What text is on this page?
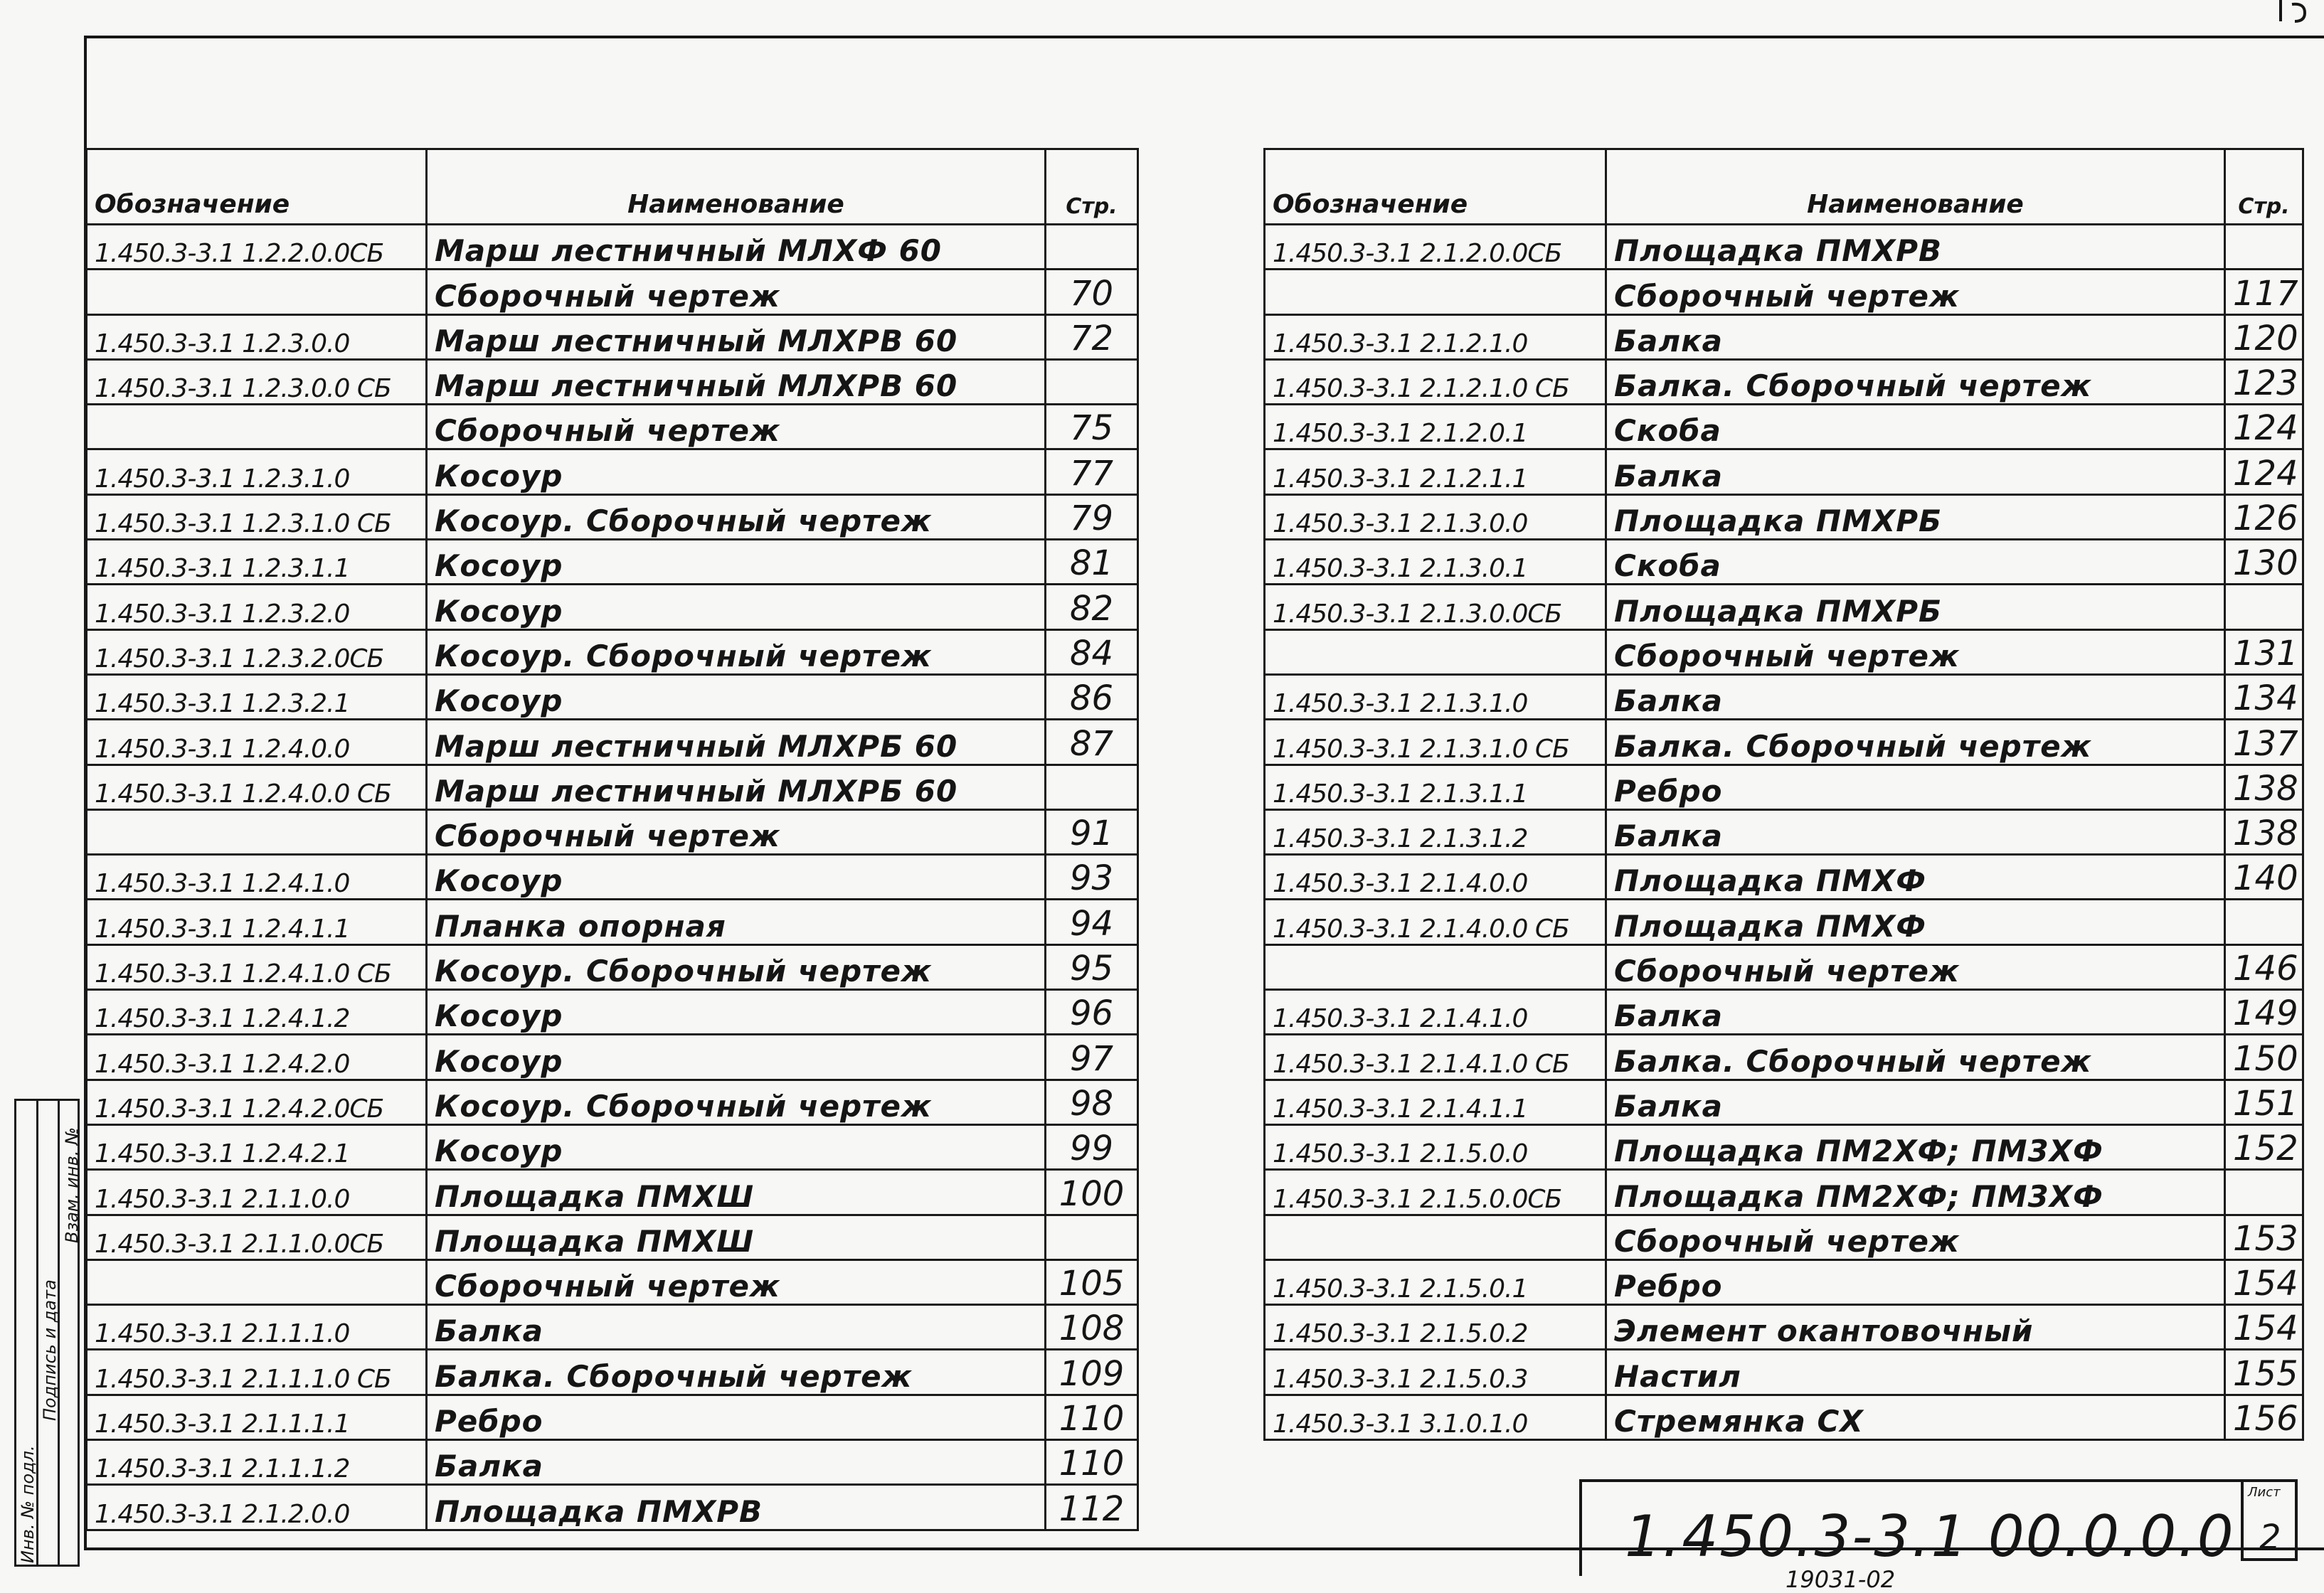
Обозначение	Наименование	Стр.
1.450.3-3.1 1.2.2.0.0СБ	Марш лестничный МЛХФ 60	
	Сборочный чертеж	70
1.450.3-3.1 1.2.3.0.0	Марш лестничный МЛХРВ 60	72
1.450.3-3.1 1.2.3.0.0 СБ	Марш лестничный МЛХРВ 60	
	Сборочный чертеж	75
1.450.3-3.1 1.2.3.1.0	Косоур	77
1.450.3-3.1 1.2.3.1.0 СБ	Косоур. Сборочный чертеж	79
1.450.3-3.1 1.2.3.1.1	Косоур	81
1.450.3-3.1 1.2.3.2.0	Косоур	82
1.450.3-3.1 1.2.3.2.0СБ	Косоур. Сборочный чертеж	84
1.450.3-3.1 1.2.3.2.1	Косоур	86
1.450.3-3.1 1.2.4.0.0	Марш лестничный МЛХРБ 60	87
1.450.3-3.1 1.2.4.0.0 СБ	Марш лестничный МЛХРБ 60	
	Сборочный чертеж	91
1.450.3-3.1 1.2.4.1.0	Косоур	93
1.450.3-3.1 1.2.4.1.1	Планка опорная	94
1.450.3-3.1 1.2.4.1.0 СБ	Косоур. Сборочный чертеж	95
1.450.3-3.1 1.2.4.1.2	Косоур	96
1.450.3-3.1 1.2.4.2.0	Косоур	97
1.450.3-3.1 1.2.4.2.0СБ	Косоур. Сборочный чертеж	98
1.450.3-3.1 1.2.4.2.1	Косоур	99
1.450.3-3.1 2.1.1.0.0	Площадка ПМХШ	100
1.450.3-3.1 2.1.1.0.0СБ	Площадка ПМХШ	
	Сборочный чертеж	105
1.450.3-3.1 2.1.1.1.0	Балка	108
1.450.3-3.1 2.1.1.1.0 СБ	Балка. Сборочный чертеж	109
1.450.3-3.1 2.1.1.1.1	Ребро	110
1.450.3-3.1 2.1.1.1.2	Балка	110
1.450.3-3.1 2.1.2.0.0	Площадка ПМХРВ	112
Обозначение	Наименование	Стр.
1.450.3-3.1 2.1.2.0.0СБ	Площадка ПМХРВ	
	Сборочный чертеж	117
1.450.3-3.1 2.1.2.1.0	Балка	120
1.450.3-3.1 2.1.2.1.0 СБ	Балка. Сборочный чертеж	123
1.450.3-3.1 2.1.2.0.1	Скоба	124
1.450.3-3.1 2.1.2.1.1	Балка	124
1.450.3-3.1 2.1.3.0.0	Площадка ПМХРБ	126
1.450.3-3.1 2.1.3.0.1	Скоба	130
1.450.3-3.1 2.1.3.0.0СБ	Площадка ПМХРБ	
	Сборочный чертеж	131
1.450.3-3.1 2.1.3.1.0	Балка	134
1.450.3-3.1 2.1.3.1.0 СБ	Балка. Сборочный чертеж	137
1.450.3-3.1 2.1.3.1.1	Ребро	138
1.450.3-3.1 2.1.3.1.2	Балка	138
1.450.3-3.1 2.1.4.0.0	Площадка ПМХФ	140
1.450.3-3.1 2.1.4.0.0 СБ	Площадка ПМХФ	
	Сборочный чертеж	146
1.450.3-3.1 2.1.4.1.0	Балка	149
1.450.3-3.1 2.1.4.1.0 СБ	Балка. Сборочный чертеж	150
1.450.3-3.1 2.1.4.1.1	Балка	151
1.450.3-3.1 2.1.5.0.0	Площадка ПМ2ХФ; ПМ3ХФ	152
1.450.3-3.1 2.1.5.0.0СБ	Площадка ПМ2ХФ; ПМ3ХФ	
	Сборочный чертеж	153
1.450.3-3.1 2.1.5.0.1	Ребро	154
1.450.3-3.1 2.1.5.0.2	Элемент окантовочный	154
1.450.3-3.1 2.1.5.0.3	Настил	155
1.450.3-3.1 3.1.0.1.0	Стремянка СХ	156
1.450.3-3.1 00.0.0.0
Лист
2
19031-02
Инв. № подл.
Подпись и дата
Взам. инв. №
